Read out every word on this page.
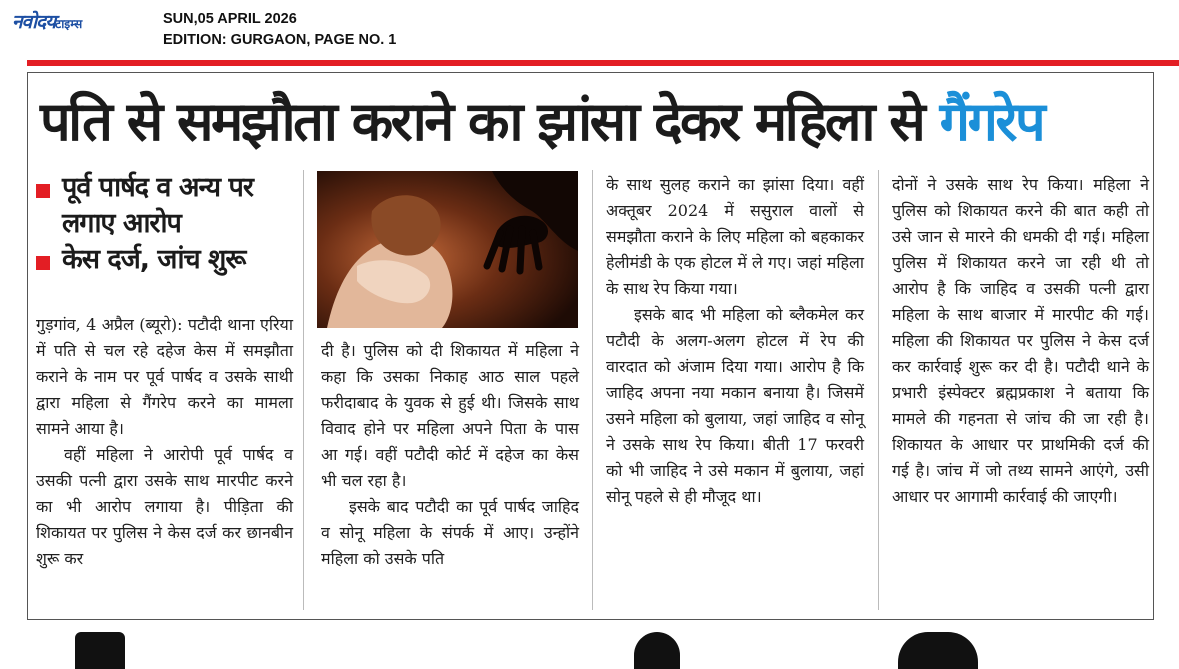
नवोदयटाइम्स	SUN,05 APRIL 2026
EDITION: GURGAON, PAGE NO. 1
पति से समझौता कराने का झांसा देकर महिला से गैंगरेप
पूर्व पार्षद व अन्य पर लगाए आरोप
केस दर्ज, जांच शुरू

गुड़गांव, 4 अप्रैल (ब्यूरो): पटौदी थाना एरिया में पति से चल रहे दहेज केस में समझौता कराने के नाम पर पूर्व पार्षद व उसके साथी द्वारा महिला से गैंगरेप करने का मामला सामने आया है।

वहीं महिला ने आरोपी पूर्व पार्षद व उसकी पत्नी द्वारा उसके साथ मारपीट करने का भी आरोप लगाया है। पीड़िता की शिकायत पर पुलिस ने केस दर्ज कर छानबीन शुरू कर

दी है। पुलिस को दी शिकायत में महिला ने कहा कि उसका निकाह आठ साल पहले फरीदाबाद के युवक से हुई थी। जिसके साथ विवाद होने पर महिला अपने पिता के पास आ गई। वहीं पटौदी कोर्ट में दहेज का केस भी चल रहा है।

इसके बाद पटौदी का पूर्व पार्षद जाहिद व सोनू महिला के संपर्क में आए। उन्होंने महिला को उसके पति

के साथ सुलह कराने का झांसा दिया। वहीं अक्तूबर 2024 में ससुराल वालों से समझौता कराने के लिए महिला को बहकाकर हेलीमंडी के एक होटल में ले गए। जहां महिला के साथ रेप किया गया।

इसके बाद भी महिला को ब्लैकमेल कर पटौदी के अलग-अलग होटल में रेप की वारदात को अंजाम दिया गया। आरोप है कि जाहिद अपना नया मकान बनाया है। जिसमें उसने महिला को बुलाया, जहां जाहिद व सोनू ने उसके साथ रेप किया। बीती 17 फरवरी को भी जाहिद ने उसे मकान में बुलाया, जहां सोनू पहले से ही मौजूद था।

दोनों ने उसके साथ रेप किया। महिला ने पुलिस को शिकायत करने की बात कही तो उसे जान से मारने की धमकी दी गई। महिला पुलिस में शिकायत करने जा रही थी तो आरोप है कि जाहिद व उसकी पत्नी द्वारा महिला के साथ बाजार में मारपीट की गई। महिला की शिकायत पर पुलिस ने केस दर्ज कर कार्रवाई शुरू कर दी है। पटौदी थाने के प्रभारी इंस्पेक्टर ब्रह्मप्रकाश ने बताया कि मामले की गहनता से जांच की जा रही है। शिकायत के आधार पर प्राथमिकी दर्ज की गई है। जांच में जो तथ्य सामने आएंगे, उसी आधार पर आगामी कार्रवाई की जाएगी।
